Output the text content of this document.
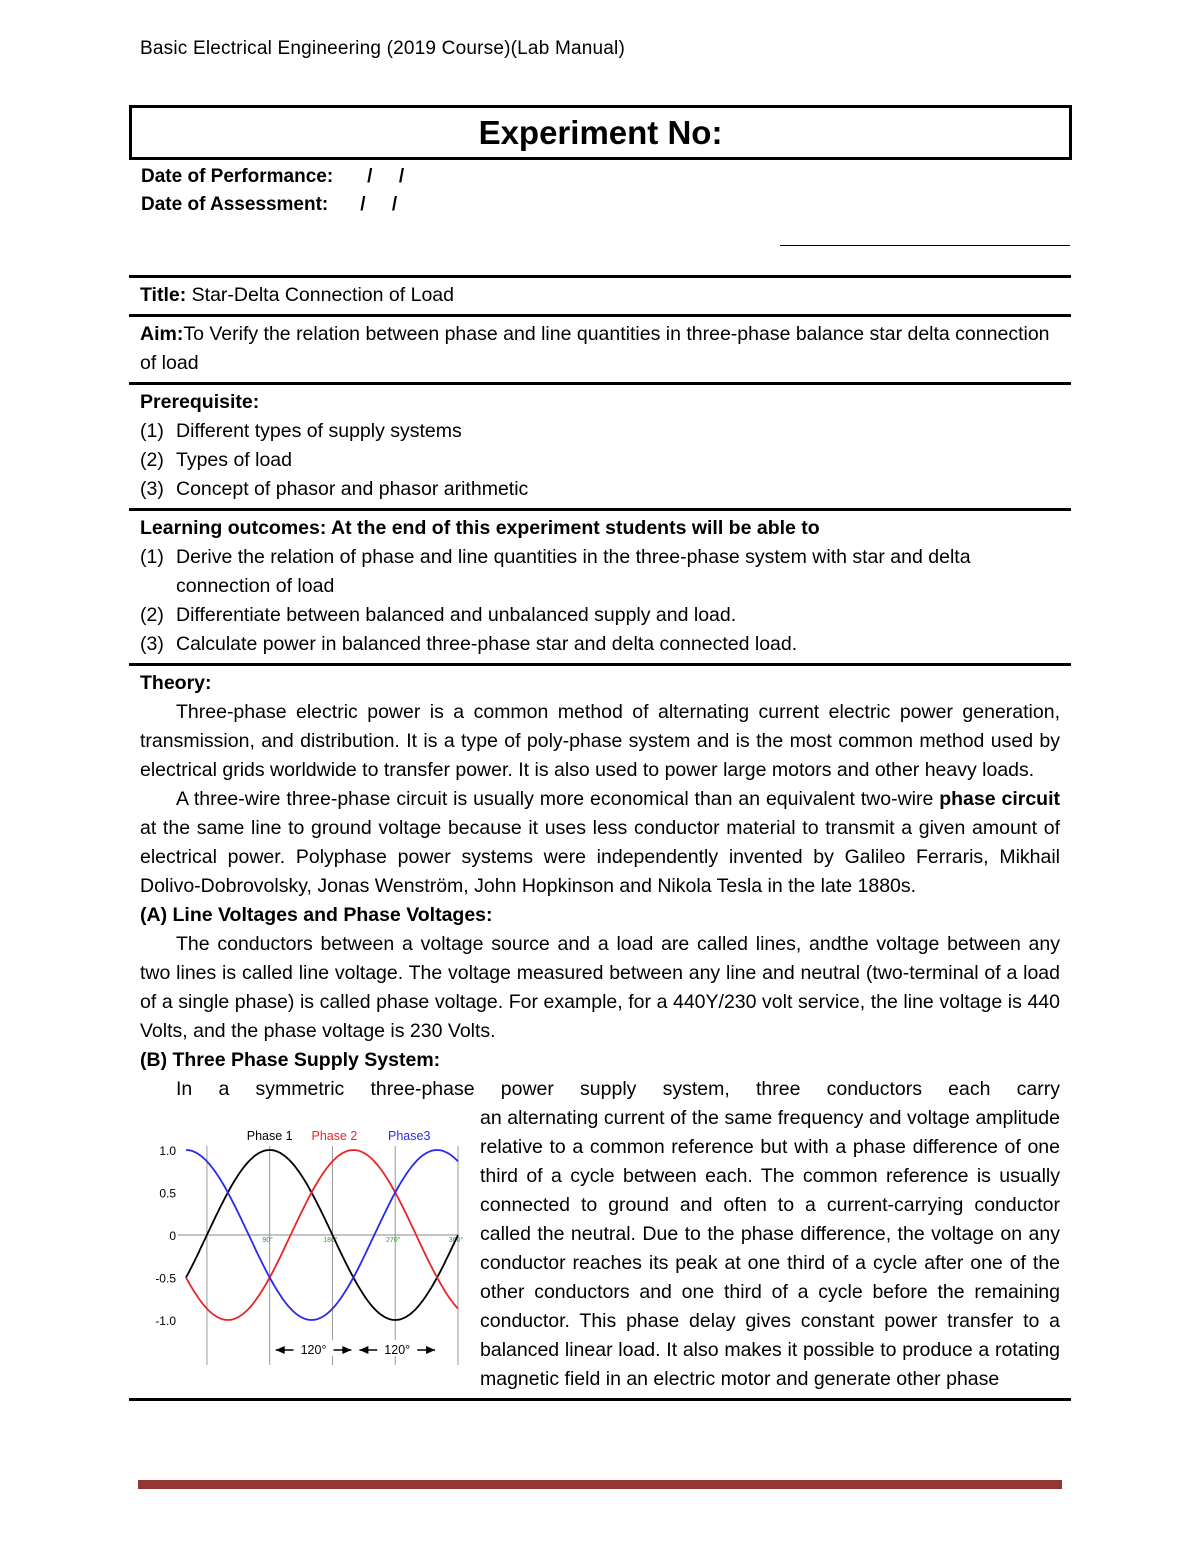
Basic Electrical Engineering (2019 Course)(Lab Manual)
Experiment No:
Date of Performance: /     /
Date of Assessment: /     /
Title: Star-Delta Connection of Load
Aim:To Verify the relation between phase and line quantities in three-phase balance star delta connection of load
Prerequisite:
(1) Different types of supply systems
(2) Types of load
(3) Concept of phasor and phasor arithmetic
Learning outcomes: At the end of this experiment students will be able to
(1) Derive the relation of phase and line quantities in the three-phase system with star and delta connection of load
(2) Differentiate between balanced and unbalanced supply and load.
(3) Calculate power in balanced three-phase star and delta connected load.
Theory:

Three-phase electric power is a common method of alternating current electric power generation, transmission, and distribution. It is a type of poly-phase system and is the most common method used by electrical grids worldwide to transfer power. It is also used to power large motors and other heavy loads.

A three-wire three-phase circuit is usually more economical than an equivalent two-wire phase circuit at the same line to ground voltage because it uses less conductor material to transmit a given amount of electrical power. Polyphase power systems were independently invented by Galileo Ferraris, Mikhail Dolivo-Dobrovolsky, Jonas Wenström, John Hopkinson and Nikola Tesla in the late 1880s.

(A) Line Voltages and Phase Voltages:

The conductors between a voltage source and a load are called lines, andthe voltage between any two lines is called line voltage. The voltage measured between any line and neutral (two-terminal of a load of a single phase) is called phase voltage. For example, for a 440Y/230 volt service, the line voltage is 440 Volts, and the phase voltage is 230 Volts.

(B) Three Phase Supply System:

In a symmetric three-phase power supply system, three conductors each carry

1.0
0.5
0
-0.5
-1.0
90°	180°	270°	360°
Phase 1 Phase 2 Phase3
120°	120°

an alternating current of the same frequency and voltage amplitude relative to a common reference but with a phase difference of one third of a cycle between each. The common reference is usually connected to ground and often to a current-carrying conductor called the neutral. Due to the phase difference, the voltage on any conductor reaches its peak at one third of a cycle after one of the other conductors and one third of a cycle before the remaining conductor. This phase delay gives constant power transfer to a balanced linear load. It also makes it possible to produce a rotating magnetic field in an electric motor and generate other phase
